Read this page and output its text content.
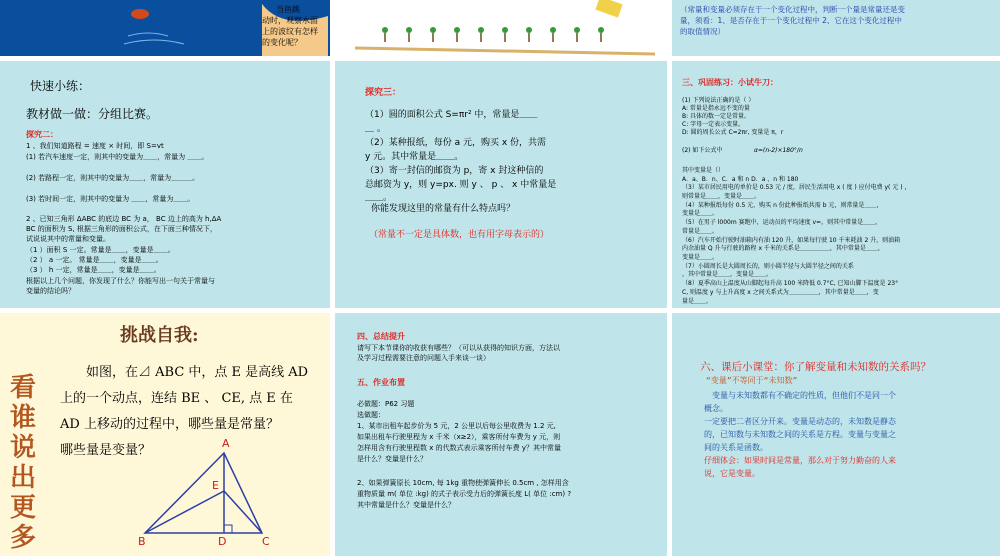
当鱼跳
动时，观察水面
上的波纹有怎样
的变化呢？
（常量和变量必须存在于一个变化过程中，判断一个量是常量还是变
量，须看：1、是否存在于一个变化过程中 2、它在这个变化过程中
的取值情况）
快速小练：
教材做一做：分组比赛。
探究二：
1 、我们知道路程 = 速度 × 时间，即 S=vt
(1) 若汽车速度一定，则其中的变量为＿＿，常量为 ＿＿。
(2) 若路程一定，则其中的变量为＿＿，常量为＿＿＿。
(3) 若时间一定，则其中的变量为 ＿＿，常量为＿＿。
2 、已知三角形 ΔABC 的底边 BC 为 a， BC 边上的高为 h,ΔA
BC 的面积为 S, 根据三角形的面积公式，在下面三种情况下，
试说说其中的常量和变量。
（1 ）面积 S 一定。常量是＿＿，变量是＿＿。
（2 ） a 一定。 常量是＿＿，变量是＿＿。
（3 ） h 一定，常量是＿＿，变量是＿＿。
根据以上几个问题，你发现了什么？你能写出一句关于常量与
变量的结论吗？
探究三：
（1）圆的面积公式 S=πr² 中，常量是＿＿
＿ 。
（2）某种报纸，每份 a 元，购买 x 份，共需
y 元。其中常量是＿＿。
（3）寄一封信的邮资为 p，寄 x 封这种信的
总邮资为 y，则 y=px. 则 y 、 p 、 x 中常量是
＿＿。
你能发现这里的常量有什么特点吗？
（常量不一定是具体数，也有用字母表示的）
三、巩固练习：小试牛刀：
(1) 下列说法正确的是（ ）
A: 常量是指永远不变的量
B: 具体的数一定是常量。
C: 字母一定表示变量。
D: 圆的周长公式 C=2πr, 变量是 π，r
(2) 如下公式中	α=(n-2)×180°/n
其中变量是（）
A．a、B．n、C．a 和 n D．a 、n 和 180
（3）某市居民用电的单价是 0.53 元 / 度，居民生活用电 x ( 度 ) 应付电费 y( 元 ) ，
则常量是＿＿，变量是＿＿。
（4）某种报纸每份 0.5 元，购买 n 份此种报纸共需 b 元，则常量是＿＿，
变量是＿＿。
（5）在男子 l000m 赛跑中，运动员的平均速度 v=，则其中常量是＿＿，
常量是＿＿。
（6）汽车开始行驶时油箱内有油 120 升，如果每行驶 10 千米耗油 2 升，则油箱
内余油量 Q 升与行驶的路程 x 千米的关系是＿＿＿＿＿，其中常量是＿＿，
变量是＿＿。
（7）小圆周长是大圆周长的，则小圆半径与大圆半径之间的关系
，其中常量是＿＿，变量是＿＿。
（8）夏季高山上温度从山脚起每升高 100 米降低 0.7°C, 已知山脚下温度是 23°
C, 则温度 y 与上升高度 x 之间关系式为＿＿＿＿＿，其中常量是＿＿，变
量是＿＿。
挑战自我:
如图，在⊿ ABC 中，点 E 是高线 AD
上的一个动点，连结 BE 、 CE, 点 E 在
AD 上移动的过程中，哪些量是常量？
哪些量是变量？
看
谁
说
出
更
多
A
E
B	D	C
四、总结提升
请写下本节课你的收获有哪些？（可以从获得的知识方面，方法以
及学习过程需要注意的问题入手来谈一谈）
五、作业布置
必做题：P62 习题
选做题：
1、某市出租车起步价为 5 元，2 公里以后每公里收费为 1.2 元,
如果出租车行驶里程为 x 千米（x≥2），乘客所付车费为 y 元，则
怎样用含有行驶里程数 x 的代数式表示乘客所付车费 y？其中常量
是什么？变量是什么？
2、如果弹簧原长 10cm, 每 1kg 重物使弹簧伸长 0.5cm , 怎样用含
重物质量 m( 单位 :kg) 的式子表示受力后的弹簧长度 L( 单位 :cm) ?
其中常量是什么？变量是什么？
六、课后小课堂：你了解变量和未知数的关系吗？
“变量”不等同于“未知数”
变量与未知数都有不确定的性质，但他们不是同一个
概念。
一定要把二者区分开来。变量是动态的，未知数是静态
的，已知数与未知数之间的关系是方程。变量与变量之
间的关系是函数。
仔细体会：如果时间是常量，那么对于努力勤奋的人来
说，它是变量。
